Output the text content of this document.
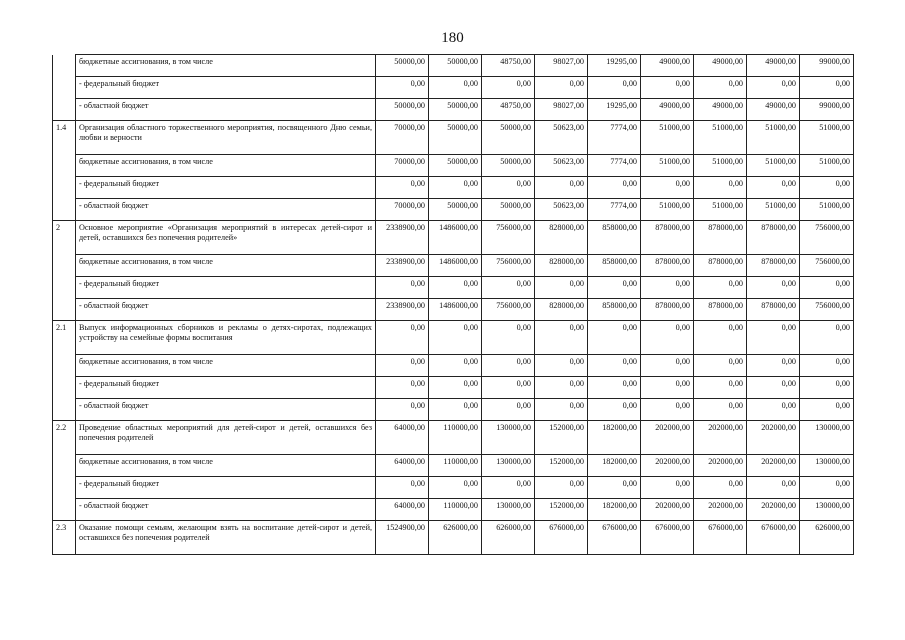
180
	бюджетные ассигнования, в том числе	50000,00	50000,00	48750,00	98027,00	19295,00	49000,00	49000,00	49000,00	99000,00
	- федеральный бюджет	0,00	0,00	0,00	0,00	0,00	0,00	0,00	0,00	0,00
	- областной бюджет	50000,00	50000,00	48750,00	98027,00	19295,00	49000,00	49000,00	49000,00	99000,00
1.4	Организация областного торжественного мероприятия, посвященного Дню семьи, любви и верности	70000,00	50000,00	50000,00	50623,00	7774,00	51000,00	51000,00	51000,00	51000,00
	бюджетные ассигнования, в том числе	70000,00	50000,00	50000,00	50623,00	7774,00	51000,00	51000,00	51000,00	51000,00
	- федеральный бюджет	0,00	0,00	0,00	0,00	0,00	0,00	0,00	0,00	0,00
	- областной бюджет	70000,00	50000,00	50000,00	50623,00	7774,00	51000,00	51000,00	51000,00	51000,00
2	Основное мероприятие «Организация мероприятий в интересах детей-сирот и детей, оставшихся без попечения родителей»	2338900,00	1486000,00	756000,00	828000,00	858000,00	878000,00	878000,00	878000,00	756000,00
	бюджетные ассигнования, в том числе	2338900,00	1486000,00	756000,00	828000,00	858000,00	878000,00	878000,00	878000,00	756000,00
	- федеральный бюджет	0,00	0,00	0,00	0,00	0,00	0,00	0,00	0,00	0,00
	- областной бюджет	2338900,00	1486000,00	756000,00	828000,00	858000,00	878000,00	878000,00	878000,00	756000,00
2.1	Выпуск информационных сборников и рекламы о детях-сиротах, подлежащих устройству на семейные формы воспитания	0,00	0,00	0,00	0,00	0,00	0,00	0,00	0,00	0,00
	бюджетные ассигнования, в том числе	0,00	0,00	0,00	0,00	0,00	0,00	0,00	0,00	0,00
	- федеральный бюджет	0,00	0,00	0,00	0,00	0,00	0,00	0,00	0,00	0,00
	- областной бюджет	0,00	0,00	0,00	0,00	0,00	0,00	0,00	0,00	0,00
2.2	Проведение областных мероприятий для детей-сирот и детей, оставшихся без попечения родителей	64000,00	110000,00	130000,00	152000,00	182000,00	202000,00	202000,00	202000,00	130000,00
	бюджетные ассигнования, в том числе	64000,00	110000,00	130000,00	152000,00	182000,00	202000,00	202000,00	202000,00	130000,00
	- федеральный бюджет	0,00	0,00	0,00	0,00	0,00	0,00	0,00	0,00	0,00
	- областной бюджет	64000,00	110000,00	130000,00	152000,00	182000,00	202000,00	202000,00	202000,00	130000,00
2.3	Оказание помощи семьям, желающим взять на воспитание детей-сирот и детей, оставшихся без попечения родителей	1524900,00	626000,00	626000,00	676000,00	676000,00	676000,00	676000,00	676000,00	626000,00
